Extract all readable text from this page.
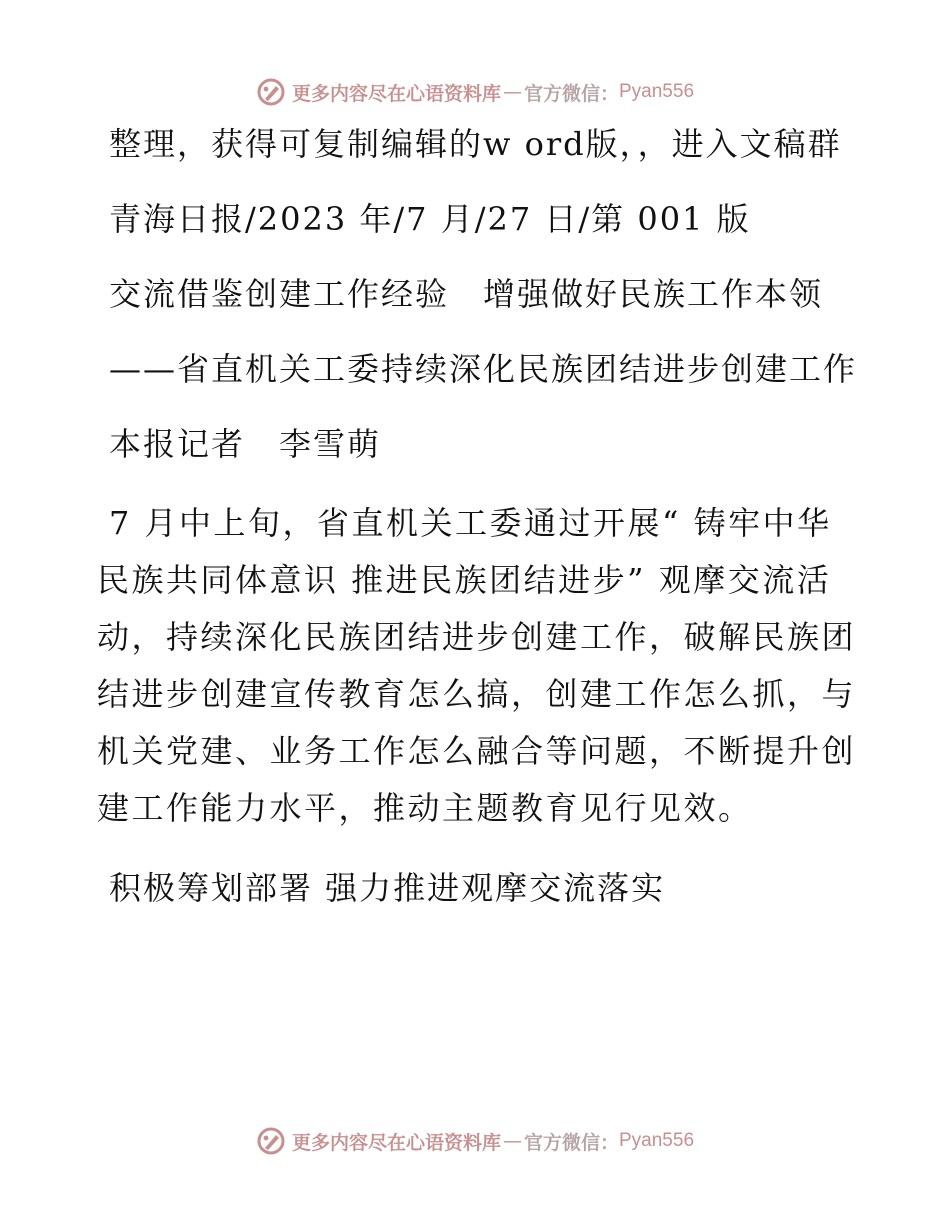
更多内容尽在心语资料库 — 官方微信： Pyan556

整理，获得可复制编辑的w ord版，，进入文稿群

青海日报/2023 年/7 月/27 日/第 001 版

交流借鉴创建工作经验　增强做好民族工作本领

——省直机关工委持续深化民族团结进步创建工作

本报记者　李雪萌

7 月中上旬，省直机关工委通过开展“ 铸牢中华民族共同体意识 推进民族团结进步” 观摩交流活动，持续深化民族团结进步创建工作，破解民族团结进步创建宣传教育怎么搞，创建工作怎么抓，与机关党建、业务工作怎么融合等问题，不断提升创建工作能力水平，推动主题教育见行见效。

积极筹划部署 强力推进观摩交流落实

更多内容尽在心语资料库 — 官方微信： Pyan556
